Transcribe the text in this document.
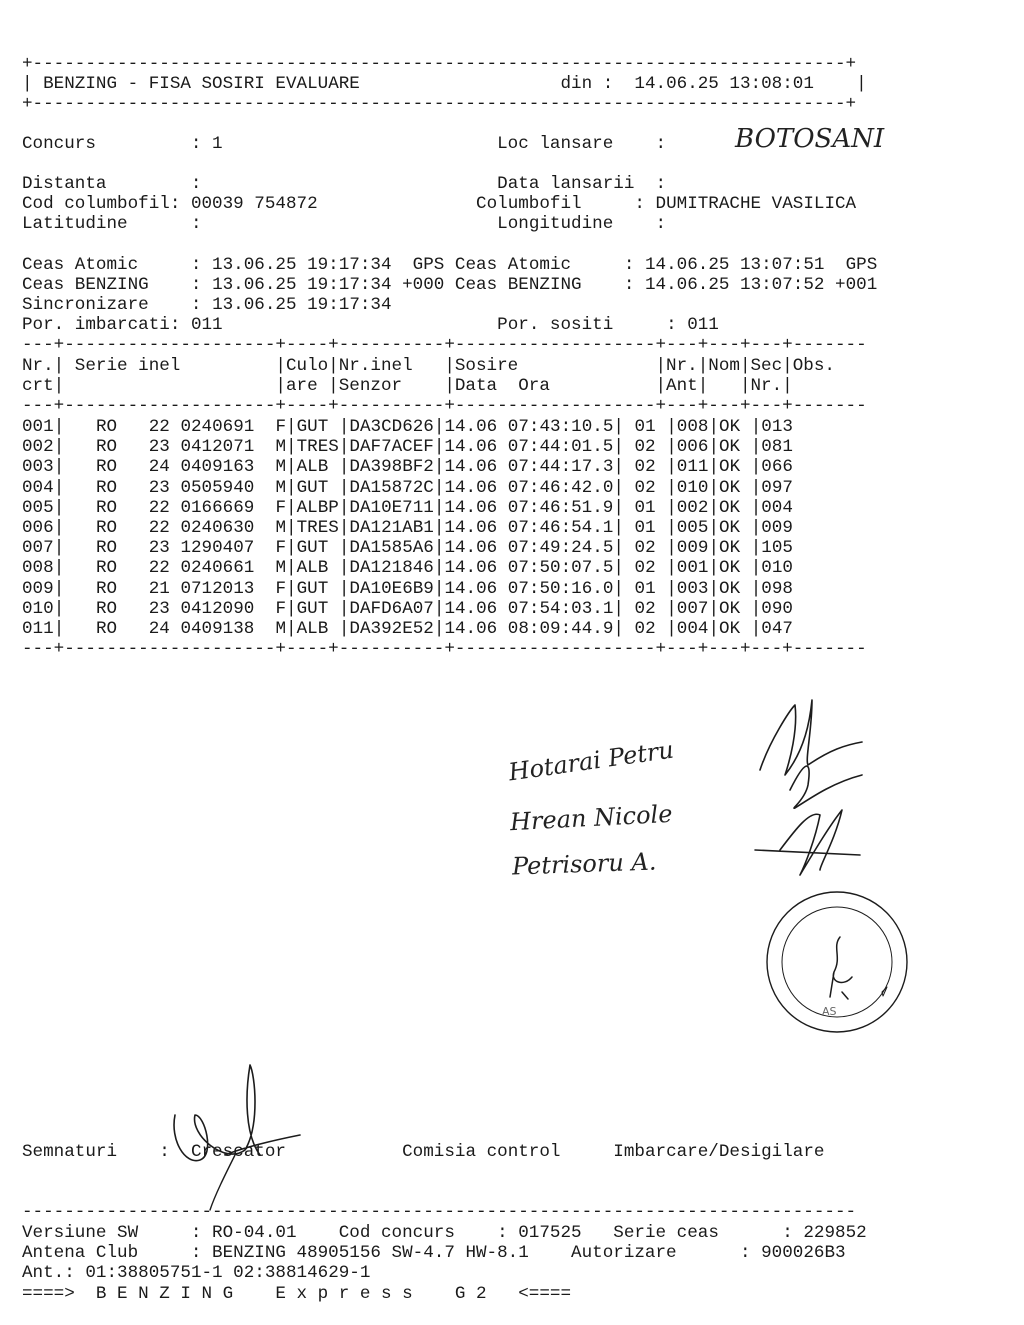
+-----------------------------------------------------------------------------+
| BENZING - FISA SOSIRI EVALUARE	din : 14.06.25 13:08:01    |
+-----------------------------------------------------------------------------+
Concurs         : 1	Loc lansare    :	BOTOSANI
Distanta        :	Data lansarii  :
Cod columbofil: 00039 754872	Columbofil     : DUMITRACHE VASILICA
Latitudine      :	Longitudine    :
Ceas Atomic     : 13.06.25 19:17:34 GPS Ceas Atomic     : 14.06.25 13:07:51 GPS
Ceas BENZING    : 13.06.25 19:17:34 +000 Ceas BENZING    : 14.06.25 13:07:52 +001
Sincronizare    : 13.06.25 19:17:34
Por. imbarcati: 011	Por. sositi     : 011
---+--------------------+----+----------+-------------------+---+---+---+-------
Nr.| Serie inel         |Culo|Nr.inel   |Sosire             |Nr.|Nom|Sec|Obs.
crt|                    |are |Senzor    |Data  Ora          |Ant|   |Nr.|
---+--------------------+----+----------+-------------------+---+---+---+-------
001| RO 22 0240691 F|GUT |DA3CD626|14.06 07:43:10.5| 01 |008|OK |013
002| RO 23 0412071 M|TRES|DAF7ACEF|14.06 07:44:01.5| 02 |006|OK |081
003| RO 24 0409163 M|ALB |DA398BF2|14.06 07:44:17.3| 02 |011|OK |066
004| RO 23 0505940 M|GUT |DA15872C|14.06 07:46:42.0| 02 |010|OK |097
005| RO 22 0166669 F|ALBP|DA10E711|14.06 07:46:51.9| 01 |002|OK |004
006| RO 22 0240630 M|TRES|DA121AB1|14.06 07:46:54.1| 01 |005|OK |009
007| RO 23 1290407 F|GUT |DA1585A6|14.06 07:49:24.5| 02 |009|OK |105
008| RO 22 0240661 M|ALB |DA121846|14.06 07:50:07.5| 02 |001|OK |010
009| RO 21 0712013 F|GUT |DA10E6B9|14.06 07:50:16.0| 01 |003|OK |098
010| RO 23 0412090 F|GUT |DAFD6A07|14.06 07:54:03.1| 02 |007|OK |090
011| RO 24 0409138 M|ALB |DA392E52|14.06 08:09:44.9| 02 |004|OK |047
---+--------------------+----+----------+-------------------+---+---+---+-------
Hotarai Petru
Hrean Nicole
Petrisoru A.
AS
Semnaturi :  Crescator	Comisia control	Imbarcare/Desigilare
-------------------------------------------------------------------------------
Versiune SW     : RO-04.01 Cod concurs    : 017525 Serie ceas      : 229852
Antena Club     : BENZING 48905156 SW-4.7 HW-8.1 Autorizare      : 900026B3
Ant.: 01:38805751-1 02:38814629-1
====>  B E N Z I N G    E x p r e s s    G 2   <====
